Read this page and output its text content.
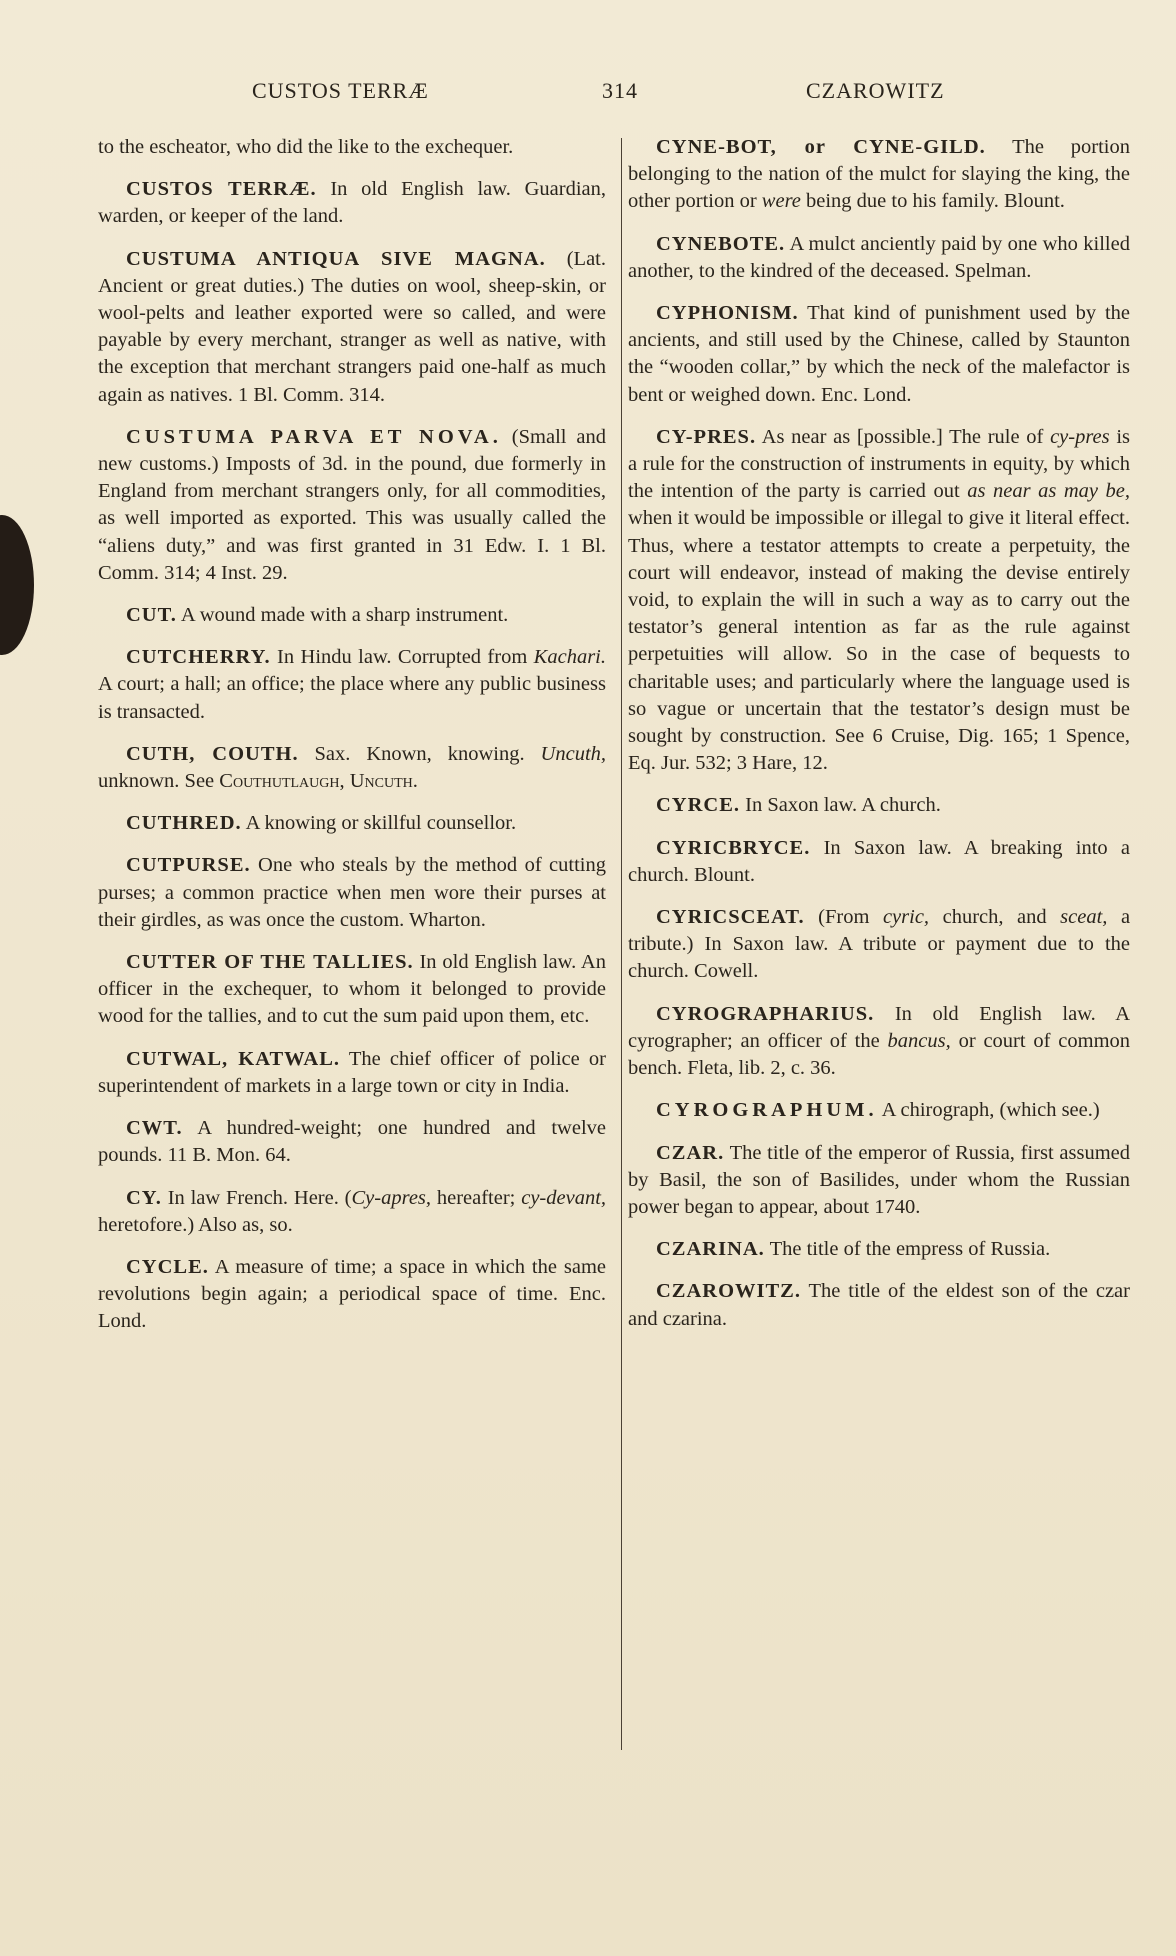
CUSTOS TERRÆ	314	CZAROWITZ

to the escheator, who did the like to the exchequer.

CUSTOS TERRÆ. In old English law. Guardian, warden, or keeper of the land.

CUSTUMA ANTIQUA SIVE MAGNA. (Lat. Ancient or great duties.) The duties on wool, sheep-skin, or wool-pelts and leather exported were so called, and were payable by every merchant, stranger as well as native, with the exception that merchant strangers paid one-half as much again as natives. 1 Bl. Comm. 314.

CUSTUMA PARVA ET NOVA. (Small and new customs.) Imposts of 3d. in the pound, due formerly in England from merchant strangers only, for all commodities, as well imported as exported. This was usually called the “aliens duty,” and was first granted in 31 Edw. I. 1 Bl. Comm. 314; 4 Inst. 29.

CUT. A wound made with a sharp instrument.

CUTCHERRY. In Hindu law. Corrupted from Kachari. A court; a hall; an office; the place where any public business is transacted.

CUTH, COUTH. Sax. Known, knowing. Uncuth, unknown. See Couthutlaugh, Uncuth.

CUTHRED. A knowing or skillful counsellor.

CUTPURSE. One who steals by the method of cutting purses; a common practice when men wore their purses at their girdles, as was once the custom. Wharton.

CUTTER OF THE TALLIES. In old English law. An officer in the exchequer, to whom it belonged to provide wood for the tallies, and to cut the sum paid upon them, etc.

CUTWAL, KATWAL. The chief officer of police or superintendent of markets in a large town or city in India.

CWT. A hundred-weight; one hundred and twelve pounds. 11 B. Mon. 64.

CY. In law French. Here. (Cy-apres, hereafter; cy-devant, heretofore.) Also as, so.

CYCLE. A measure of time; a space in which the same revolutions begin again; a periodical space of time. Enc. Lond.

CYNE-BOT, or CYNE-GILD. The portion belonging to the nation of the mulct for slaying the king, the other portion or were being due to his family. Blount.

CYNEBOTE. A mulct anciently paid by one who killed another, to the kindred of the deceased. Spelman.

CYPHONISM. That kind of punishment used by the ancients, and still used by the Chinese, called by Staunton the “wooden collar,” by which the neck of the malefactor is bent or weighed down. Enc. Lond.

CY-PRES. As near as [possible.] The rule of cy-pres is a rule for the construction of instruments in equity, by which the intention of the party is carried out as near as may be, when it would be impossible or illegal to give it literal effect. Thus, where a testator attempts to create a perpetuity, the court will endeavor, instead of making the devise entirely void, to explain the will in such a way as to carry out the testator’s general intention as far as the rule against perpetuities will allow. So in the case of bequests to charitable uses; and particularly where the language used is so vague or uncertain that the testator’s design must be sought by construction. See 6 Cruise, Dig. 165; 1 Spence, Eq. Jur. 532; 3 Hare, 12.

CYRCE. In Saxon law. A church.

CYRICBRYCE. In Saxon law. A breaking into a church. Blount.

CYRICSCEAT. (From cyric, church, and sceat, a tribute.) In Saxon law. A tribute or payment due to the church. Cowell.

CYROGRAPHARIUS. In old English law. A cyrographer; an officer of the bancus, or court of common bench. Fleta, lib. 2, c. 36.

CYROGRAPHUM. A chirograph, (which see.)

CZAR. The title of the emperor of Russia, first assumed by Basil, the son of Basilides, under whom the Russian power began to appear, about 1740.

CZARINA. The title of the empress of Russia.

CZAROWITZ. The title of the eldest son of the czar and czarina.
